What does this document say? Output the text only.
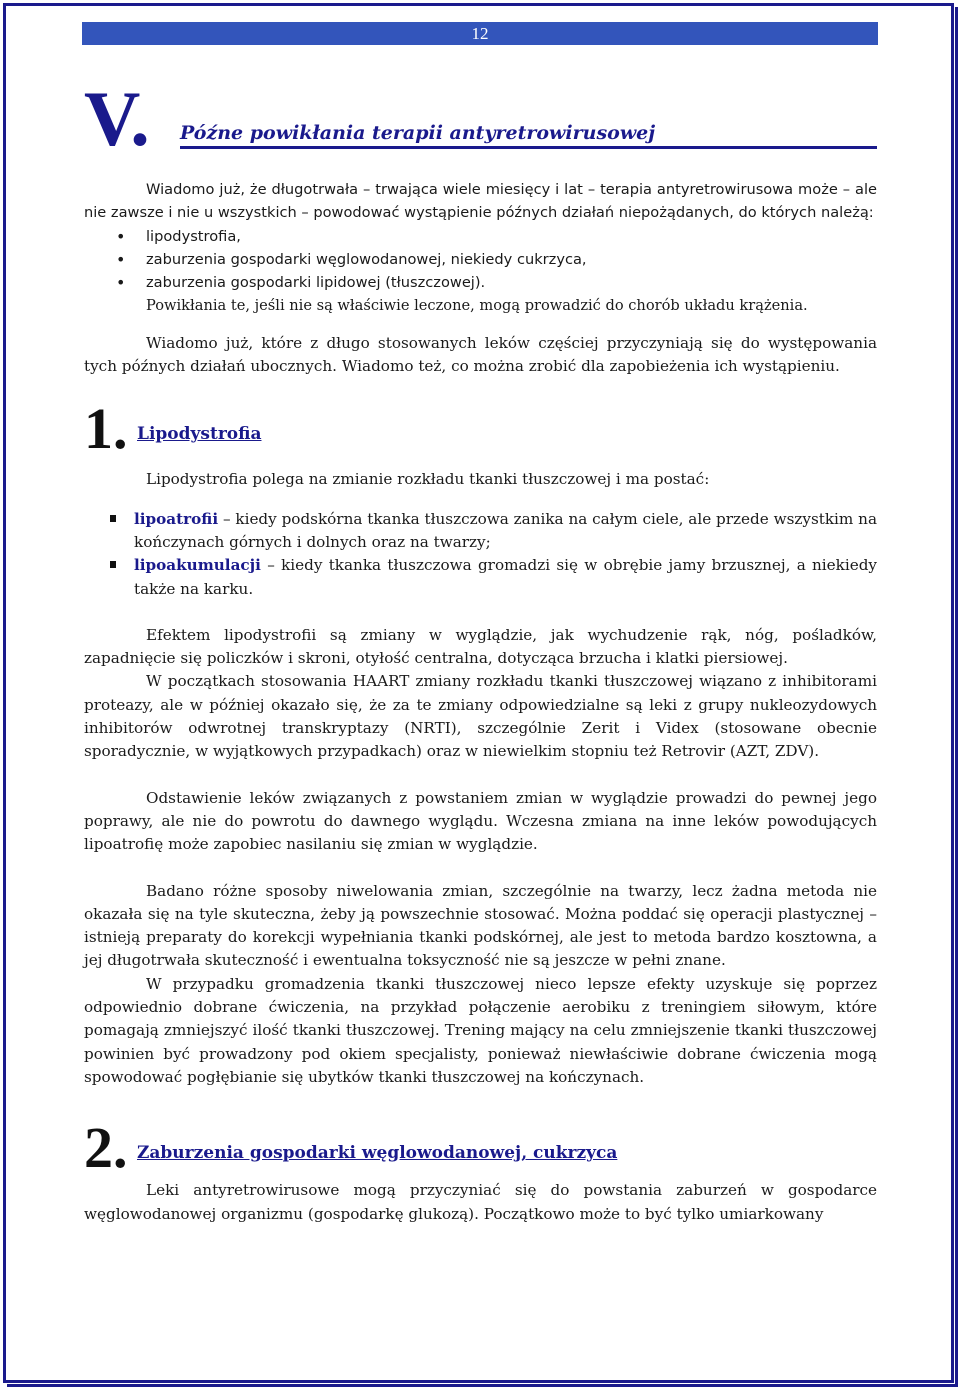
12
V. Późne powikłania terapii antyretrowirusowej

Wiadomo już, że długotrwała – trwająca wiele miesięcy i lat – terapia antyretrowirusowa może – ale nie zawsze i nie u wszystkich – powodować wystąpienie późnych działań niepożądanych, do których należą:

• lipodystrofia,
• zaburzenia gospodarki węglowodanowej, niekiedy cukrzyca,
• zaburzenia gospodarki lipidowej (tłuszczowej).

Powikłania te, jeśli nie są właściwie leczone, mogą prowadzić do chorób układu krążenia.

Wiadomo już, które z długo stosowanych leków częściej przyczyniają się do występowania tych późnych działań ubocznych. Wiadomo też, co można zrobić dla zapobieżenia ich wystąpieniu.

1. Lipodystrofia

Lipodystrofia polega na zmianie rozkładu tkanki tłuszczowej i ma postać:

lipoatrofii – kiedy podskórna tkanka tłuszczowa zanika na całym ciele, ale przede wszystkim na kończynach górnych i dolnych oraz na twarzy;
lipoakumulacji – kiedy tkanka tłuszczowa gromadzi się w obrębie jamy brzusznej, a niekiedy także na karku.

Efektem lipodystrofii są zmiany w wyglądzie, jak wychudzenie rąk, nóg, pośladków, zapadnięcie się policzków i skroni, otyłość centralna, dotycząca brzucha i klatki piersiowej.

W początkach stosowania HAART zmiany rozkładu tkanki tłuszczowej wiązano z inhibitorami proteazy, ale w później okazało się, że za te zmiany odpowiedzialne są leki z grupy nukleozydowych inhibitorów odwrotnej transkryptazy (NRTI), szczególnie Zerit i Videx (stosowane obecnie sporadycznie, w wyjątkowych przypadkach) oraz w niewielkim stopniu też Retrovir (AZT, ZDV).

Odstawienie leków związanych z powstaniem zmian w wyglądzie prowadzi do pewnej jego poprawy, ale nie do powrotu do dawnego wyglądu. Wczesna zmiana na inne leków powodujących lipoatrofię może zapobiec nasilaniu się zmian w wyglądzie.

Badano różne sposoby niwelowania zmian, szczególnie na twarzy, lecz żadna metoda nie okazała się na tyle skuteczna, żeby ją powszechnie stosować. Można poddać się operacji plastycznej – istnieją preparaty do korekcji wypełniania tkanki podskórnej, ale jest to metoda bardzo kosztowna, a jej długotrwała skuteczność i ewentualna toksyczność nie są jeszcze w pełni znane.

W przypadku gromadzenia tkanki tłuszczowej nieco lepsze efekty uzyskuje się poprzez odpowiednio dobrane ćwiczenia, na przykład połączenie aerobiku z treningiem siłowym, które pomagają zmniejszyć ilość tkanki tłuszczowej. Trening mający na celu zmniejszenie tkanki tłuszczowej powinien być prowadzony pod okiem specjalisty, ponieważ niewłaściwie dobrane ćwiczenia mogą spowodować pogłębianie się ubytków tkanki tłuszczowej na kończynach.

2. Zaburzenia gospodarki węglowodanowej, cukrzyca

Leki antyretrowirusowe mogą przyczyniać się do powstania zaburzeń w gospodarce węglowodanowej organizmu (gospodarkę glukozą). Początkowo może to być tylko umiarkowany
